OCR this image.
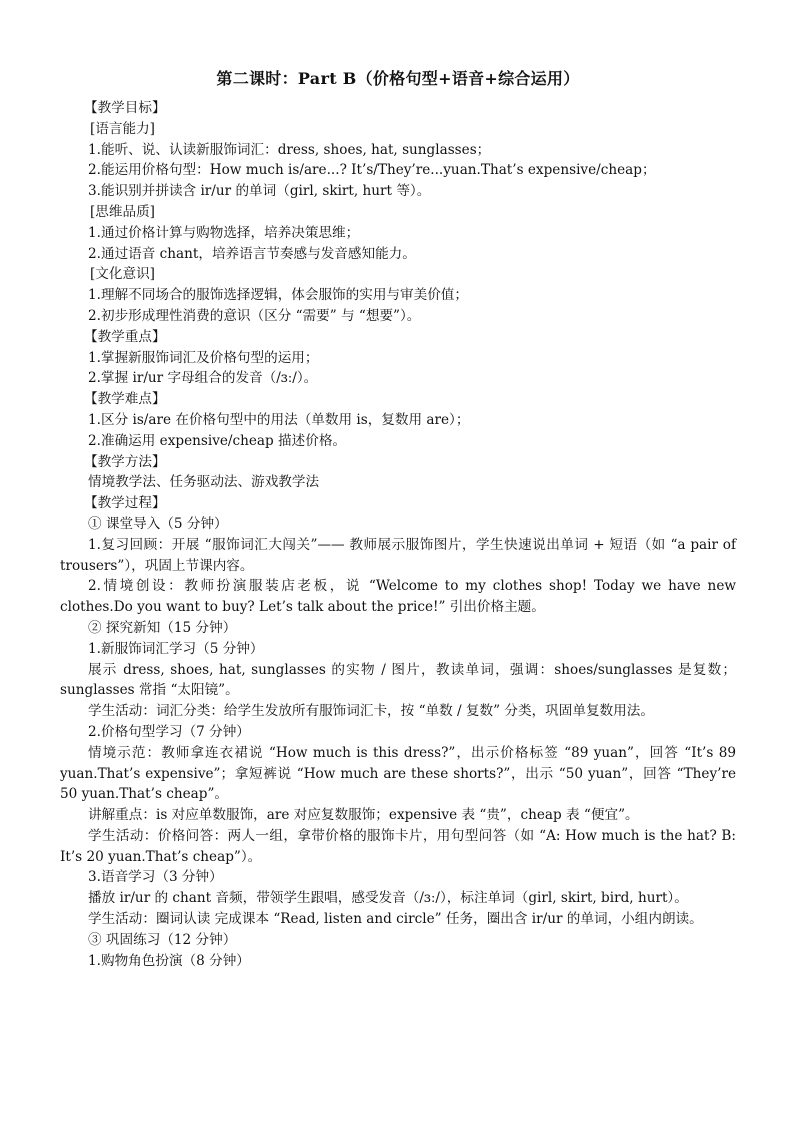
第二课时：Part B（价格句型+语音+综合运用）
【教学目标】
[语言能力]
1.能听、说、认读新服饰词汇：dress, shoes, hat, sunglasses；
2.能运用价格句型：How much is/are...? It’s/They’re...yuan.That’s expensive/cheap；
3.能识别并拼读含 ir/ur 的单词（girl, skirt, hurt 等）。
[思维品质]
1.通过价格计算与购物选择，培养决策思维；
2.通过语音 chant，培养语言节奏感与发音感知能力。
[文化意识]
1.理解不同场合的服饰选择逻辑，体会服饰的实用与审美价值；
2.初步形成理性消费的意识（区分 “需要” 与 “想要”）。
【教学重点】
1.掌握新服饰词汇及价格句型的运用；
2.掌握 ir/ur 字母组合的发音（/ɜː/）。
【教学难点】
1.区分 is/are 在价格句型中的用法（单数用 is，复数用 are）；
2.准确运用 expensive/cheap 描述价格。
【教学方法】
情境教学法、任务驱动法、游戏教学法
【教学过程】
① 课堂导入（5 分钟）
1.复习回顾：开展 “服饰词汇大闯关”—— 教师展示服饰图片，学生快速说出单词 + 短语（如 “a pair of trousers”），巩固上节课内容。
2.情境创设：教师扮演服装店老板，说 “Welcome to my clothes shop! Today we have new clothes.Do you want to buy? Let’s talk about the price!” 引出价格主题。
② 探究新知（15 分钟）
1.新服饰词汇学习（5 分钟）
展示 dress, shoes, hat, sunglasses 的实物 / 图片，教读单词，强调：shoes/sunglasses 是复数；sunglasses 常指 “太阳镜”。
学生活动：词汇分类：给学生发放所有服饰词汇卡，按 “单数 / 复数” 分类，巩固单复数用法。
2.价格句型学习（7 分钟）
情境示范：教师拿连衣裙说 “How much is this dress?”，出示价格标签 “89 yuan”，回答 “It’s 89 yuan.That’s expensive”；拿短裤说 “How much are these shorts?”，出示 “50 yuan”，回答 “They’re 50 yuan.That’s cheap”。
讲解重点：is 对应单数服饰，are 对应复数服饰；expensive 表 “贵”，cheap 表 “便宜”。
学生活动：价格问答：两人一组，拿带价格的服饰卡片，用句型问答（如 “A: How much is the hat? B: It’s 20 yuan.That’s cheap”）。
3.语音学习（3 分钟）
播放 ir/ur 的 chant 音频，带领学生跟唱，感受发音（/ɜː/），标注单词（girl, skirt, bird, hurt）。
学生活动：圈词认读 完成课本 “Read, listen and circle” 任务，圈出含 ir/ur 的单词，小组内朗读。
③ 巩固练习（12 分钟）
1.购物角色扮演（8 分钟）
